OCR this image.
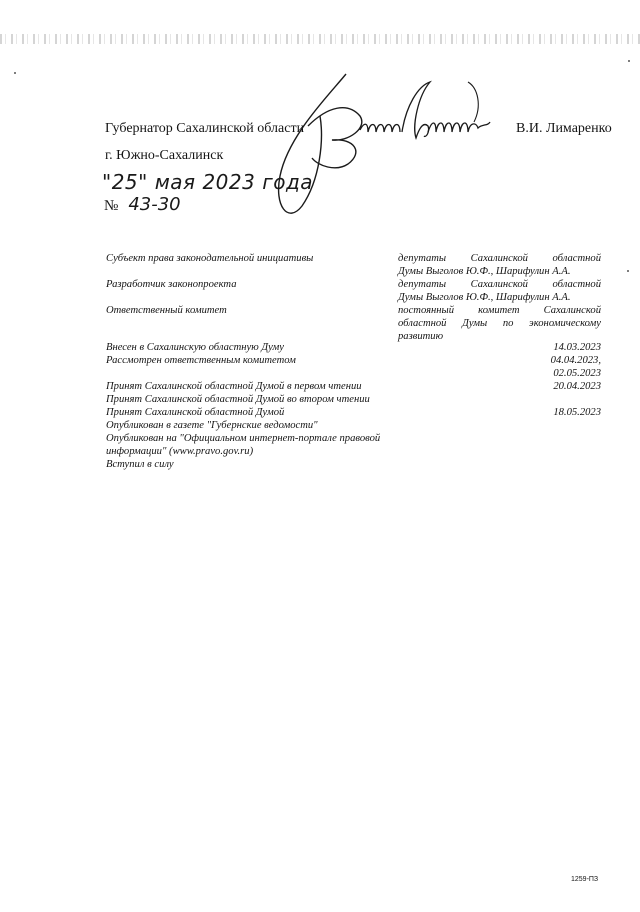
Губернатор Сахалинской области	В.И. Лимаренко
г. Южно-Сахалинск
"25" мая 2023 года
№ 43-30
Субъект права законодательной инициативы	депутаты Сахалинской областной
Думы Выголов Ю.Ф., Шарифулин А.А.
Разработчик законопроекта	депутаты Сахалинской областной
Думы Выголов Ю.Ф., Шарифулин А.А.
Ответственный комитет	постоянный комитет Сахалинской
областной Думы по экономическому
развитию
Внесен в Сахалинскую областную Думу	14.03.2023
Рассмотрен ответственным комитетом	04.04.2023,
02.05.2023
Принят Сахалинской областной Думой в первом чтении	20.04.2023
Принят Сахалинской областной Думой во втором чтении
Принят Сахалинской областной Думой	18.05.2023
Опубликован в газете "Губернские ведомости"
Опубликован на "Официальном интернет-портале правовой
информации" (www.pravo.gov.ru)
Вступил в силу
1259-ПЗ
